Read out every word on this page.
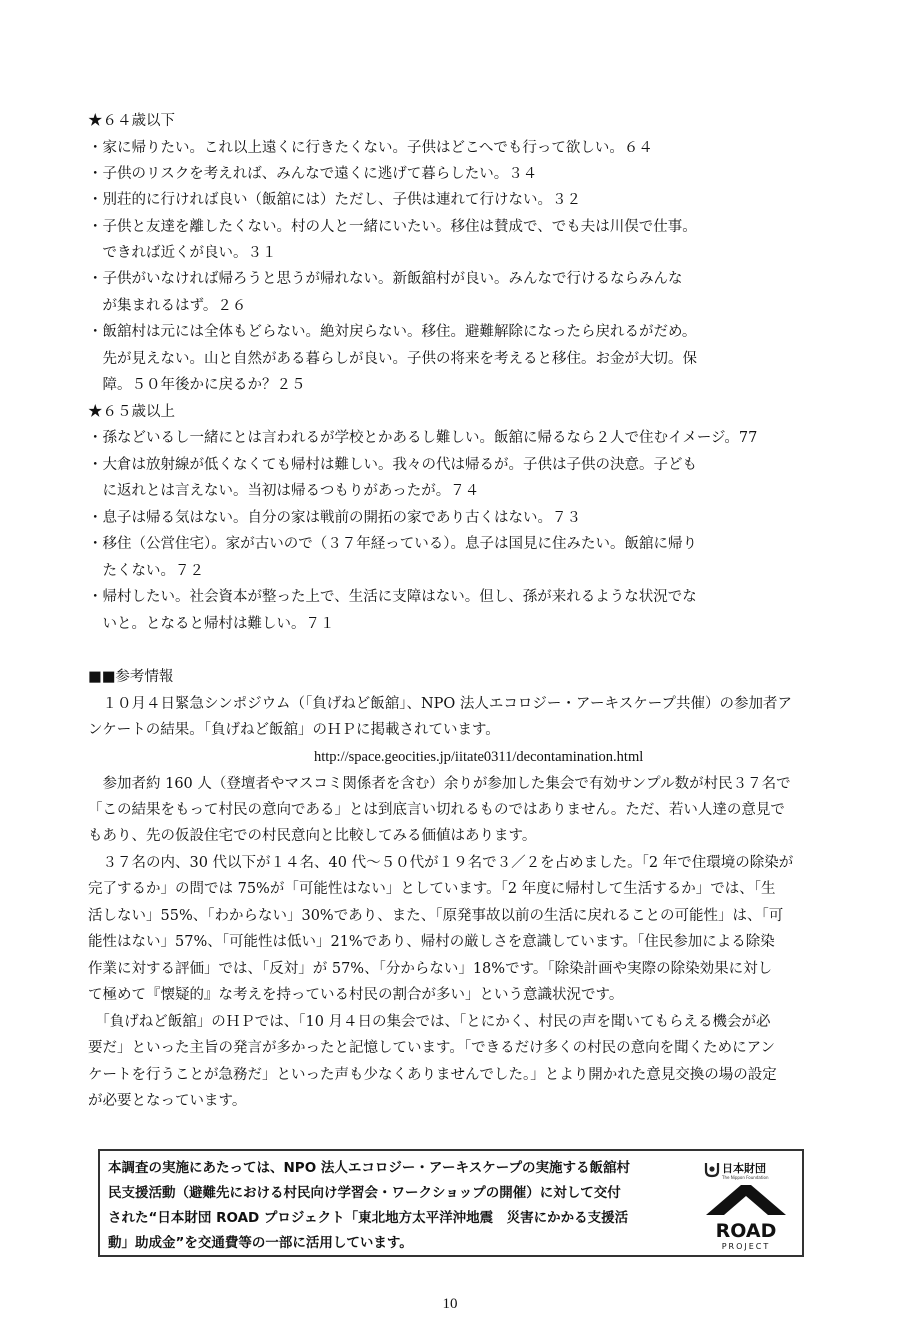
★６４歳以下
・家に帰りたい。これ以上遠くに行きたくない。子供はどこへでも行って欲しい。６４
・子供のリスクを考えれば、みんなで遠くに逃げて暮らしたい。３４
・別荘的に行ければ良い（飯舘には）ただし、子供は連れて行けない。３２
・子供と友達を離したくない。村の人と一緒にいたい。移住は賛成で、でも夫は川俣で仕事。
　できれば近くが良い。３１
・子供がいなければ帰ろうと思うが帰れない。新飯舘村が良い。みんなで行けるならみんな
　が集まれるはず。２６
・飯舘村は元には全体もどらない。絶対戻らない。移住。避難解除になったら戻れるがだめ。
　先が見えない。山と自然がある暮らしが良い。子供の将来を考えると移住。お金が大切。保
　障。５０年後かに戻るか？２５
★６５歳以上
・孫などいるし一緒にとは言われるが学校とかあるし難しい。飯舘に帰るなら２人で住むイメージ。77
・大倉は放射線が低くなくても帰村は難しい。我々の代は帰るが。子供は子供の決意。子ども
　に返れとは言えない。当初は帰るつもりがあったが。７４
・息子は帰る気はない。自分の家は戦前の開拓の家であり古くはない。７３
・移住（公営住宅）。家が古いので（３７年経っている）。息子は国見に住みたい。飯舘に帰り
　たくない。７２
・帰村したい。社会資本が整った上で、生活に支障はない。但し、孫が来れるような状況でな
　いと。となると帰村は難しい。７１
■■参考情報
　１０月４日緊急シンポジウム（「負げねど飯舘」、NPO 法人エコロジー・アーキスケープ共催）の参加者ア
ンケートの結果。「負げねど飯舘」のＨＰに掲載されています。
http://space.geocities.jp/iitate0311/decontamination.html
　参加者約 160 人（登壇者やマスコミ関係者を含む）余りが参加した集会で有効サンプル数が村民３７名で
「この結果をもって村民の意向である」とは到底言い切れるものではありません。ただ、若い人達の意見で
もあり、先の仮設住宅での村民意向と比較してみる価値はあります。
　３７名の内、30 代以下が１４名、40 代～５０代が１９名で３／２を占めました。「2 年で住環境の除染が
完了するか」の問では 75%が「可能性はない」としています。「2 年度に帰村して生活するか」では、「生
活しない」55%、「わからない」30%であり、また、「原発事故以前の生活に戻れることの可能性」は、「可
能性はない」57%、「可能性は低い」21%であり、帰村の厳しさを意識しています。「住民参加による除染
作業に対する評価」では、「反対」が 57%、「分からない」18%です。「除染計画や実際の除染効果に対し
て極めて『懐疑的』な考えを持っている村民の割合が多い」という意識状況です。
　「負げねど飯舘」のＨＰでは、「10 月４日の集会では、「とにかく、村民の声を聞いてもらえる機会が必
要だ」といった主旨の発言が多かったと記憶しています。「できるだけ多くの村民の意向を聞くためにアン
ケートを行うことが急務だ」といった声も少なくありませんでした。」とより開かれた意見交換の場の設定
が必要となっています。
本調査の実施にあたっては、NPO 法人エコロジー・アーキスケープの実施する飯舘村
民支援活動（避難先における村民向け学習会・ワークショップの開催）に対して交付
された“日本財団 ROAD プロジェクト「東北地方太平洋沖地震　災害にかかる支援活
動」助成金”を交通費等の一部に活用しています。
日本財団
The Nippon Foundation
ROAD
PROJECT
10
